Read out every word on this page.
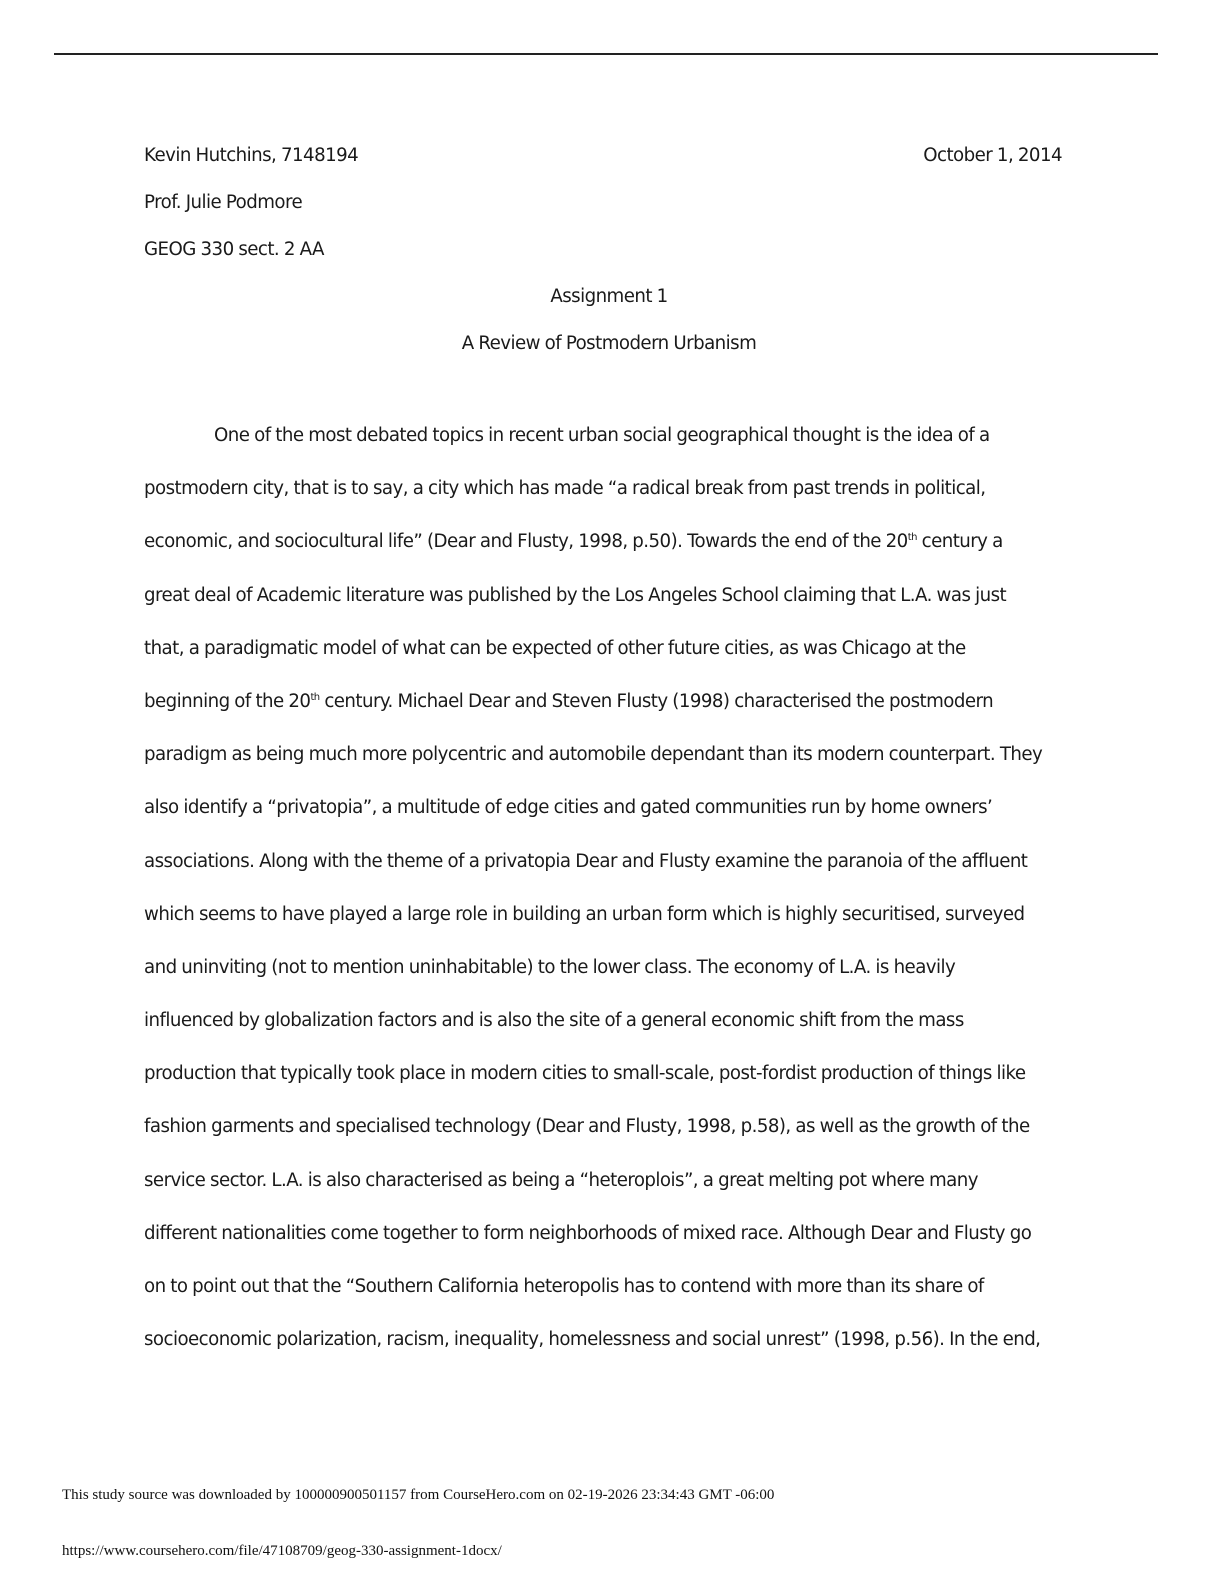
Kevin Hutchins, 7148194	October 1, 2014
Prof. Julie Podmore
GEOG 330 sect. 2 AA
Assignment 1
A Review of Postmodern Urbanism
One of the most debated topics in recent urban social geographical thought is the idea of a
postmodern city, that is to say, a city which has made “a radical break from past trends in political,
economic, and sociocultural life” (Dear and Flusty, 1998, p.50). Towards the end of the 20th century a
great deal of Academic literature was published by the Los Angeles School claiming that L.A. was just
that, a paradigmatic model of what can be expected of other future cities, as was Chicago at the
beginning of the 20th century. Michael Dear and Steven Flusty (1998) characterised the postmodern
paradigm as being much more polycentric and automobile dependant than its modern counterpart. They
also identify a “privatopia”, a multitude of edge cities and gated communities run by home owners’
associations. Along with the theme of a privatopia Dear and Flusty examine the paranoia of the affluent
which seems to have played a large role in building an urban form which is highly securitised, surveyed
and uninviting (not to mention uninhabitable) to the lower class. The economy of L.A. is heavily
influenced by globalization factors and is also the site of a general economic shift from the mass
production that typically took place in modern cities to small-scale, post-fordist production of things like
fashion garments and specialised technology (Dear and Flusty, 1998, p.58), as well as the growth of the
service sector. L.A. is also characterised as being a “heteroplois”, a great melting pot where many
different nationalities come together to form neighborhoods of mixed race. Although Dear and Flusty go
on to point out that the “Southern California heteropolis has to contend with more than its share of
socioeconomic polarization, racism, inequality, homelessness and social unrest” (1998, p.56). In the end,
This study source was downloaded by 100000900501157 from CourseHero.com on 02-19-2026 23:34:43 GMT -06:00
https://www.coursehero.com/file/47108709/geog-330-assignment-1docx/
